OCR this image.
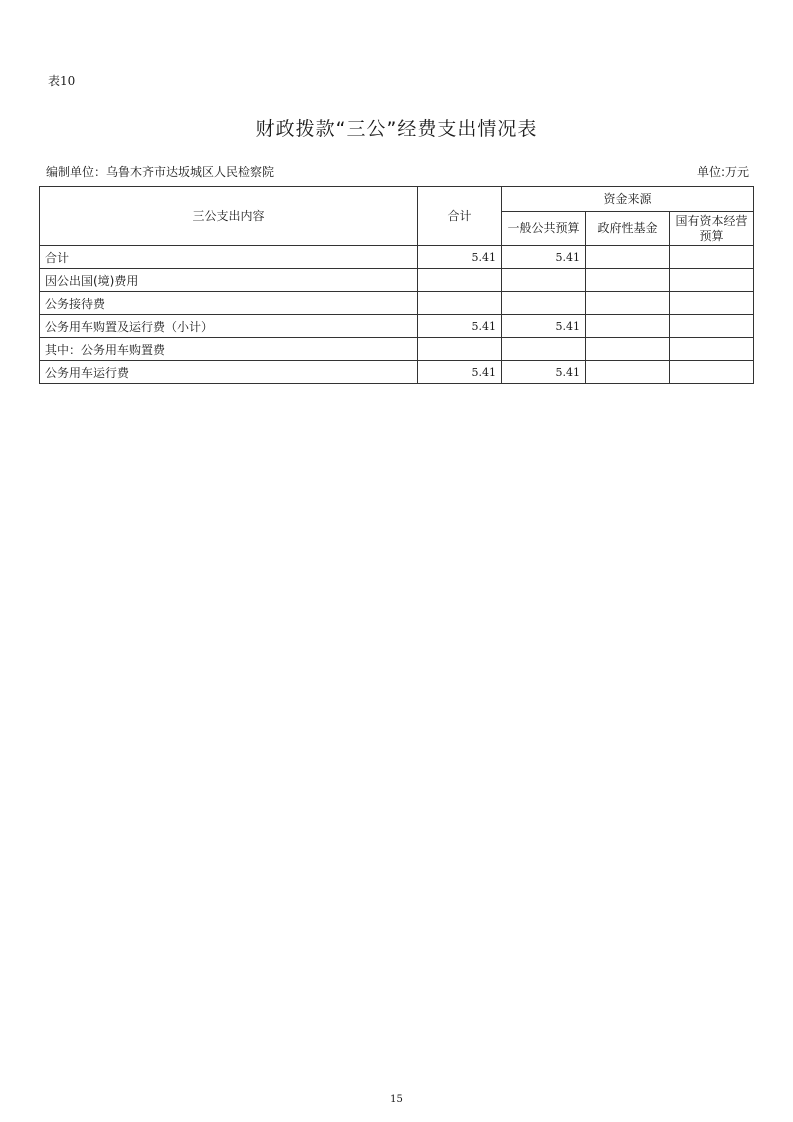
表10
财政拨款“三公”经费支出情况表
编制单位：乌鲁木齐市达坂城区人民检察院	单位:万元
三公支出内容	合计	资金来源		
		一般公共预算	政府性基金	国有资本经营预算
合计	5.41	5.41		
因公出国(境)费用				
公务接待费				
公务用车购置及运行费（小计）	5.41	5.41		
其中：公务用车购置费				
公务用车运行费	5.41	5.41		
15
